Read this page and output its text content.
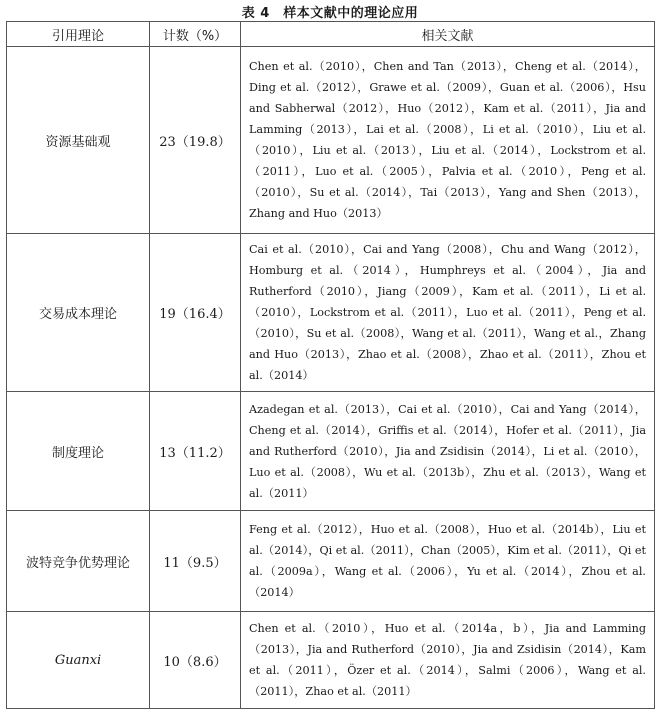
表 4　样本文献中的理论应用
引用理论	计数（%）	相关文献
资源基础观	23（19.8）	Chen et al.（2010），Chen and Tan（2013），Cheng et al.（2014），Ding et al.（2012），Grawe et al.（2009），Guan et al.（2006），Hsu and Sabherwal（2012），Huo（2012），Kam et al.（2011），Jia and Lamming（2013），Lai et al.（2008），Li et al.（2010），Liu et al.（2010），Liu et al.（2013），Liu et al.（2014），Lockstrom et al.（2011），Luo et al.（2005），Palvia et al.（2010），Peng et al.（2010），Su et al.（2014），Tai（2013），Yang and Shen（2013），Zhang and Huo（2013）
交易成本理论	19（16.4）	Cai et al.（2010），Cai and Yang（2008），Chu and Wang（2012），Homburg et al.（2014），Humphreys et al.（2004），Jia and Rutherford（2010），Jiang（2009），Kam et al.（2011），Li et al.（2010），Lockstrom et al.（2011），Luo et al.（2011），Peng et al.（2010），Su et al.（2008），Wang et al.（2011），Wang et al.，Zhang and Huo（2013），Zhao et al.（2008），Zhao et al.（2011），Zhou et al.（2014）
制度理论	13（11.2）	Azadegan et al.（2013），Cai et al.（2010），Cai and Yang（2014），Cheng et al.（2014），Griffis et al.（2014），Hofer et al.（2011），Jia and Rutherford（2010），Jia and Zsidisin（2014），Li et al.（2010），Luo et al.（2008），Wu et al.（2013b），Zhu et al.（2013），Wang et al.（2011）
波特竞争优势理论	11（9.5）	Feng et al.（2012），Huo et al.（2008），Huo et al.（2014b），Liu et al.（2014），Qi et al.（2011），Chan（2005），Kim et al.（2011），Qi et al.（2009a），Wang et al.（2006），Yu et al.（2014），Zhou et al.（2014）
Guanxi	10（8.6）	Chen et al.（2010），Huo et al.（2014a，b），Jia and Lamming（2013），Jia and Rutherford（2010），Jia and Zsidisin（2014），Kam et al.（2011），Özer et al.（2014），Salmi（2006），Wang et al.（2011），Zhao et al.（2011）
